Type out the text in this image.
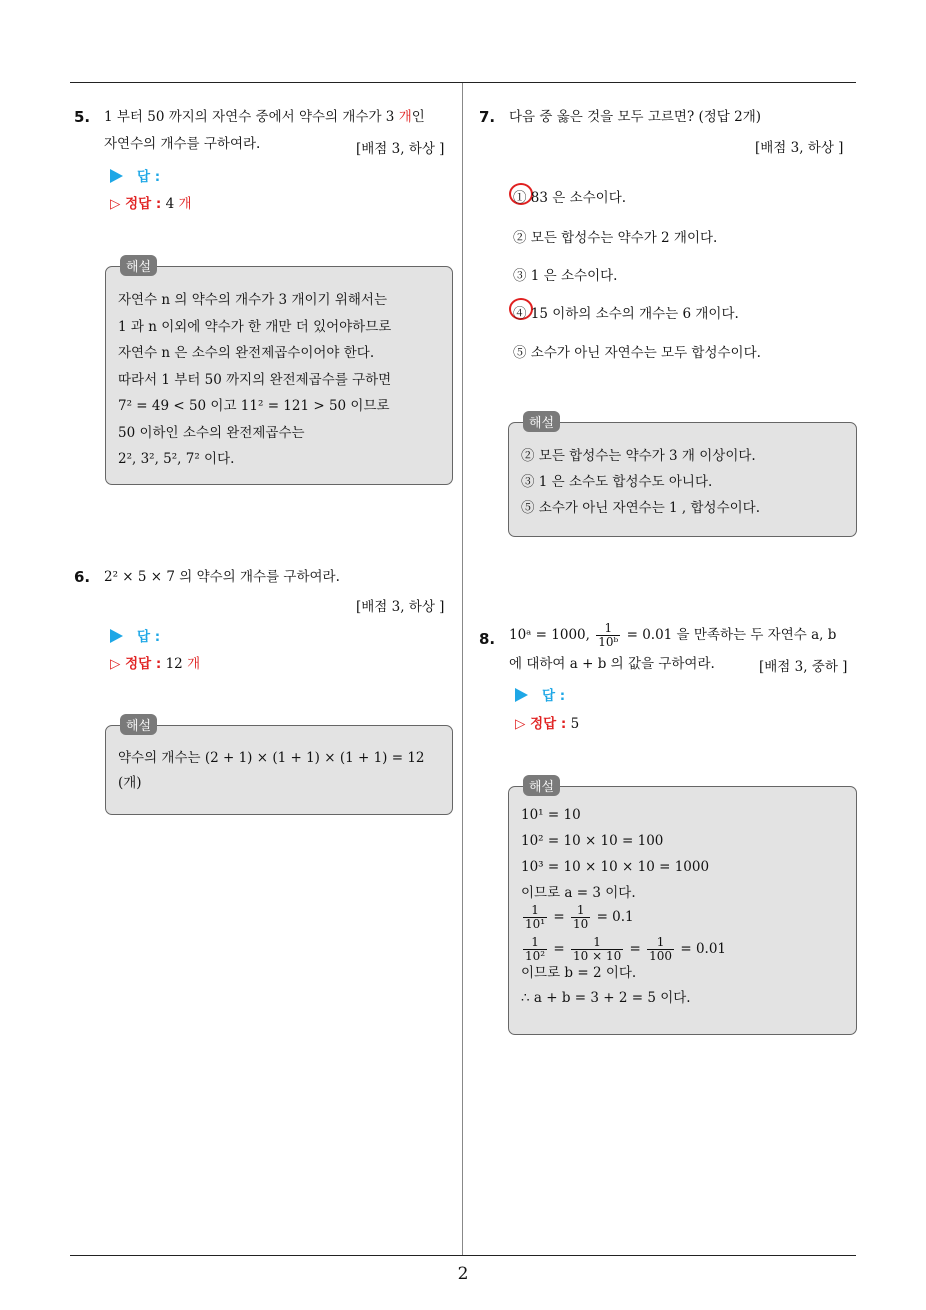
5. 1 부터 50 까지의 자연수 중에서 약수의 개수가 3 개인
자연수의 개수를 구하여라.	[배점 3, 하상 ]
답 :
▷ 정답 : 4 개
해설
자연수 n 의 약수의 개수가 3 개이기 위해서는
1 과 n 이외에 약수가 한 개만 더 있어야하므로
자연수 n 은 소수의 완전제곱수이어야 한다.
따라서 1 부터 50 까지의 완전제곱수를 구하면
7² = 49 < 50 이고 11² = 121 > 50 이므로
50 이하인 소수의 완전제곱수는
2², 3², 5², 7² 이다.
6. 2² × 5 × 7 의 약수의 개수를 구하여라.
[배점 3, 하상 ]
답 :
▷ 정답 : 12 개
해설
약수의 개수는 (2 + 1) × (1 + 1) × (1 + 1) = 12
(개)
7. 다음 중 옳은 것을 모두 고르면? (정답 2개)
[배점 3, 하상 ]
① 83 은 소수이다.
② 모든 합성수는 약수가 2 개이다.
③ 1 은 소수이다.
④ 15 이하의 소수의 개수는 6 개이다.
⑤ 소수가 아닌 자연수는 모두 합성수이다.
해설
② 모든 합성수는 약수가 3 개 이상이다.
③ 1 은 소수도 합성수도 아니다.
⑤ 소수가 아닌 자연수는 1 , 합성수이다.
8. 10ᵃ = 1000, $\frac{1}{\text{10ᵇ}} = 0.01$ 을 만족하는 두 자연수 a, b
에 대하여 a + b 의 값을 구하여라.	[배점 3, 중하 ]
답 :
▷ 정답 : 5
해설
10¹ = 10
10² = 10 × 10 = 100
10³ = 10 × 10 × 10 = 1000
이므로 a = 3 이다.
$\frac{1}{\text{10¹}} = \frac{1}{10} = 0.1$
$\frac{1}{\text{10²}} = \frac{1}{10 \times 10} = \frac{1}{100} = 0.01$
이므로 b = 2 이다.
∴ a + b = 3 + 2 = 5 이다.
2
